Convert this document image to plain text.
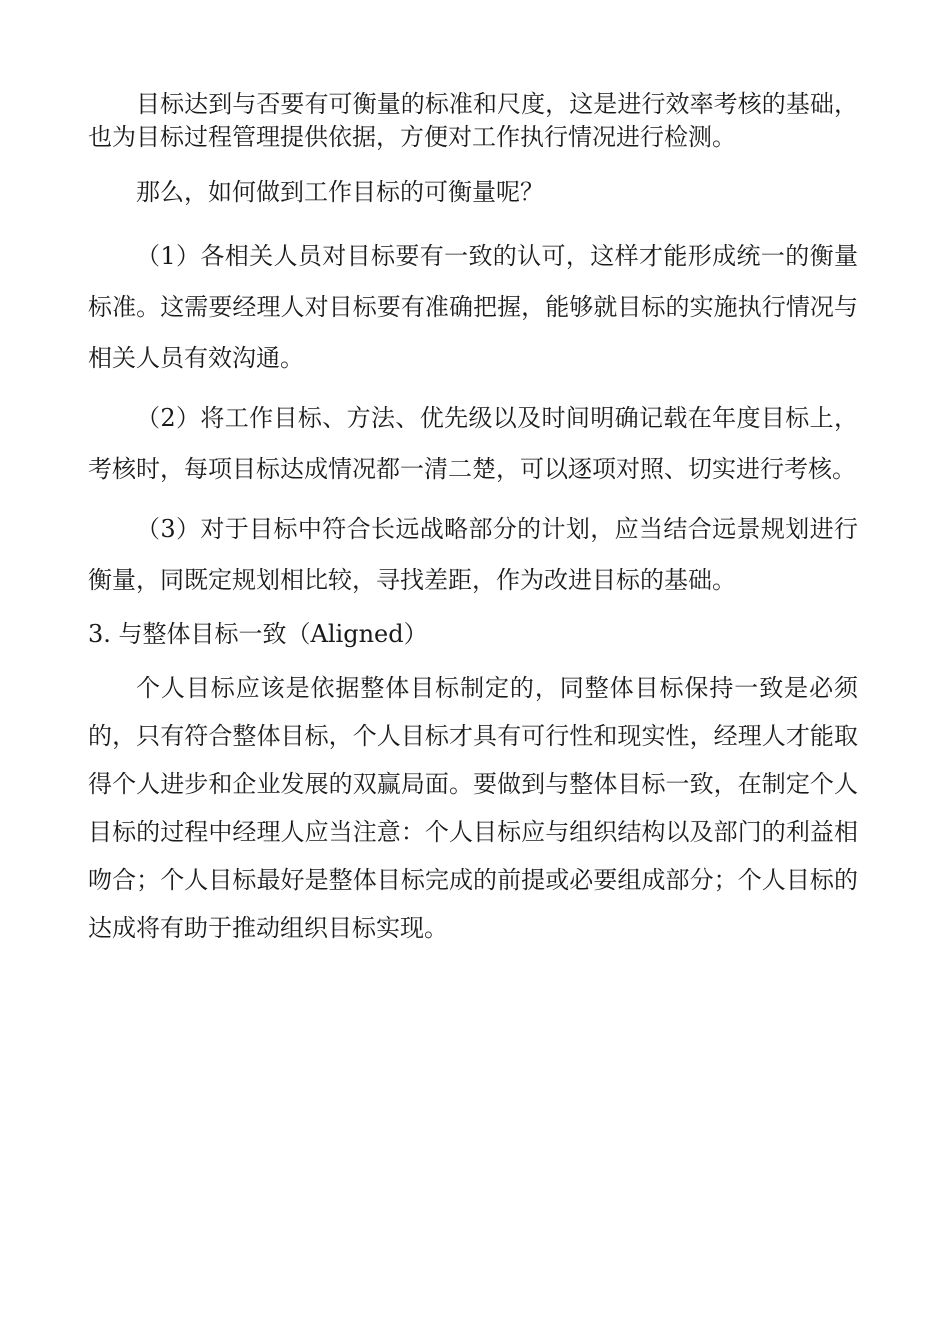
目标达到与否要有可衡量的标准和尺度，这是进行效率考核的基础，也为目标过程管理提供依据，方便对工作执行情况进行检测。

那么，如何做到工作目标的可衡量呢？

（1）各相关人员对目标要有一致的认可，这样才能形成统一的衡量标准。这需要经理人对目标要有准确把握，能够就目标的实施执行情况与相关人员有效沟通。

（2）将工作目标、方法、优先级以及时间明确记载在年度目标上，考核时，每项目标达成情况都一清二楚，可以逐项对照、切实进行考核。

（3）对于目标中符合长远战略部分的计划，应当结合远景规划进行衡量，同既定规划相比较，寻找差距，作为改进目标的基础。

3. 与整体目标一致（Aligned）

个人目标应该是依据整体目标制定的，同整体目标保持一致是必须的，只有符合整体目标，个人目标才具有可行性和现实性，经理人才能取得个人进步和企业发展的双赢局面。要做到与整体目标一致，在制定个人目标的过程中经理人应当注意：个人目标应与组织结构以及部门的利益相吻合；个人目标最好是整体目标完成的前提或必要组成部分；个人目标的达成将有助于推动组织目标实现。
